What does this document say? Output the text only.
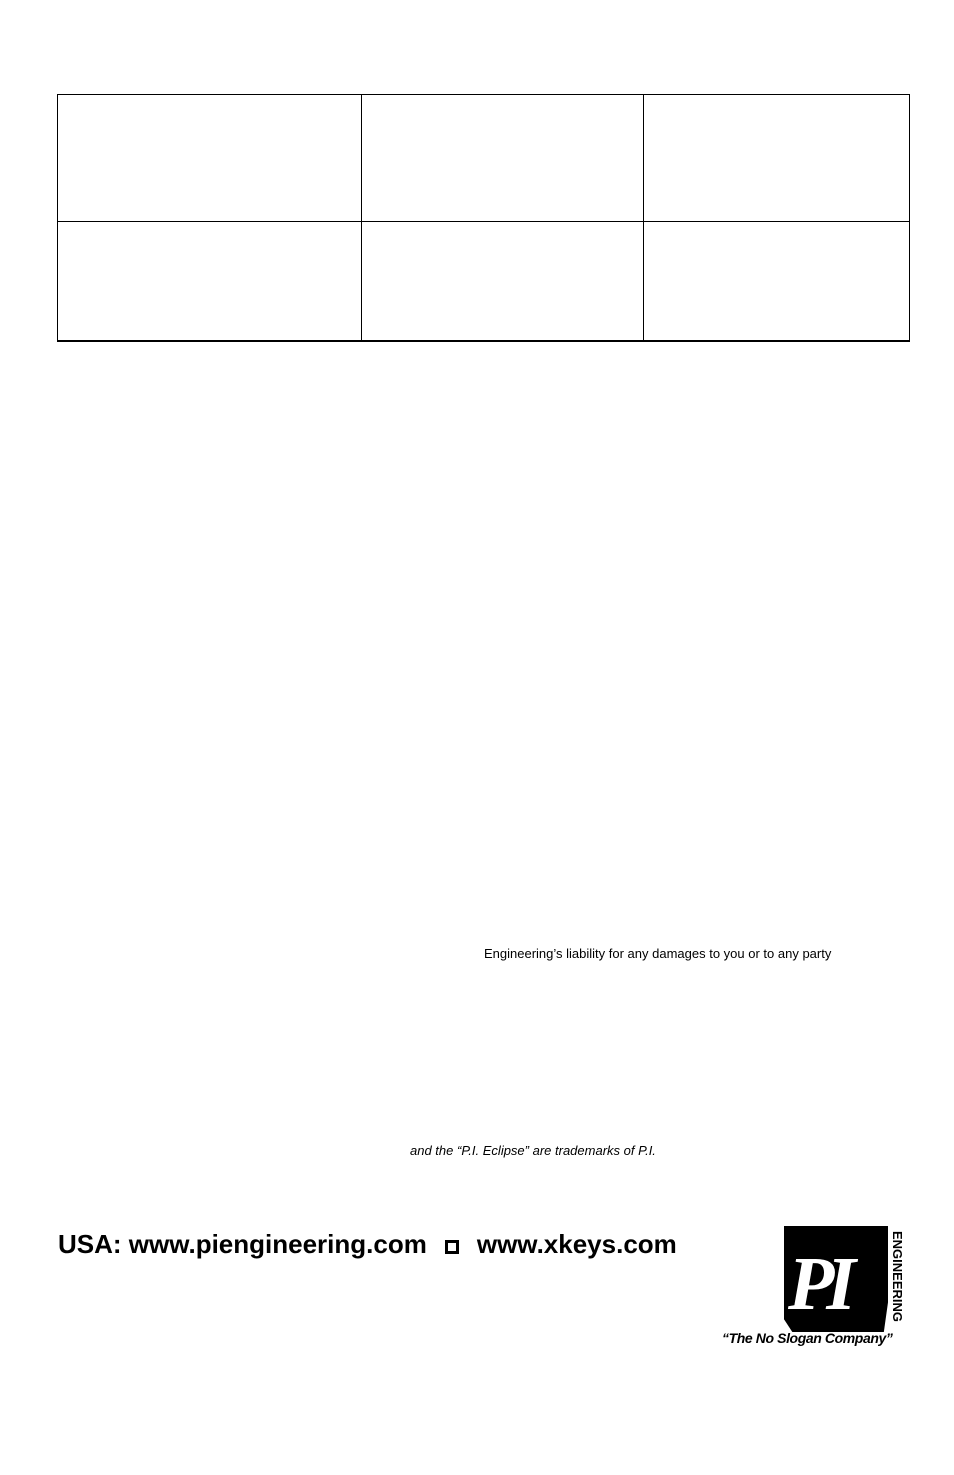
Engineering’s liability for any damages to you or to any party
and the “P.I. Eclipse” are trademarks of P.I.
USA: www.piengineering.com www.xkeys.com PI	ENGINEERING
“The No Slogan Company”
